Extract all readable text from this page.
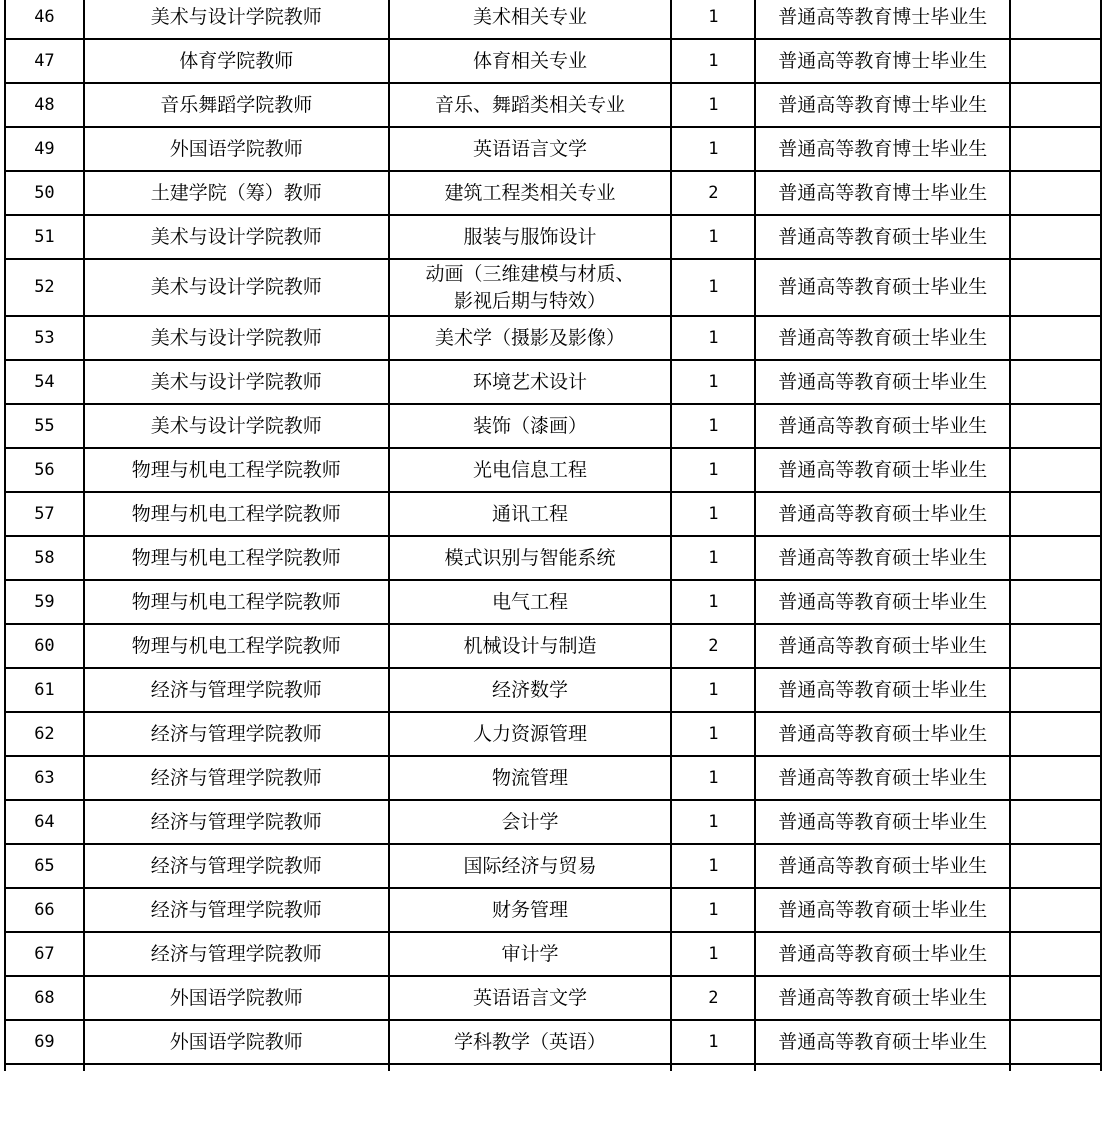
46	美术与设计学院教师	美术相关专业	1	普通高等教育博士毕业生	
47	体育学院教师	体育相关专业	1	普通高等教育博士毕业生	
48	音乐舞蹈学院教师	音乐、舞蹈类相关专业	1	普通高等教育博士毕业生	
49	外国语学院教师	英语语言文学	1	普通高等教育博士毕业生	
50	土建学院（筹）教师	建筑工程类相关专业	2	普通高等教育博士毕业生	
51	美术与设计学院教师	服装与服饰设计	1	普通高等教育硕士毕业生	
52	美术与设计学院教师	动画（三维建模与材质、
影视后期与特效）	1	普通高等教育硕士毕业生	
53	美术与设计学院教师	美术学（摄影及影像）	1	普通高等教育硕士毕业生	
54	美术与设计学院教师	环境艺术设计	1	普通高等教育硕士毕业生	
55	美术与设计学院教师	装饰（漆画）	1	普通高等教育硕士毕业生	
56	物理与机电工程学院教师	光电信息工程	1	普通高等教育硕士毕业生	
57	物理与机电工程学院教师	通讯工程	1	普通高等教育硕士毕业生	
58	物理与机电工程学院教师	模式识别与智能系统	1	普通高等教育硕士毕业生	
59	物理与机电工程学院教师	电气工程	1	普通高等教育硕士毕业生	
60	物理与机电工程学院教师	机械设计与制造	2	普通高等教育硕士毕业生	
61	经济与管理学院教师	经济数学	1	普通高等教育硕士毕业生	
62	经济与管理学院教师	人力资源管理	1	普通高等教育硕士毕业生	
63	经济与管理学院教师	物流管理	1	普通高等教育硕士毕业生	
64	经济与管理学院教师	会计学	1	普通高等教育硕士毕业生	
65	经济与管理学院教师	国际经济与贸易	1	普通高等教育硕士毕业生	
66	经济与管理学院教师	财务管理	1	普通高等教育硕士毕业生	
67	经济与管理学院教师	审计学	1	普通高等教育硕士毕业生	
68	外国语学院教师	英语语言文学	2	普通高等教育硕士毕业生	
69	外国语学院教师	学科教学（英语）	1	普通高等教育硕士毕业生	
